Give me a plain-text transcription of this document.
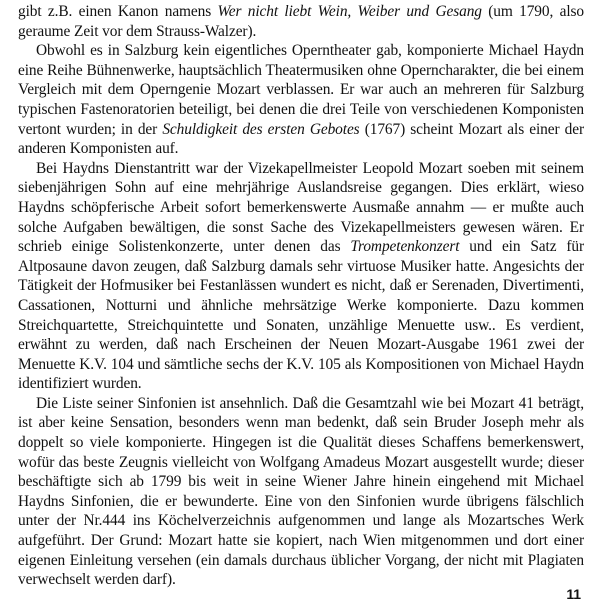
gibt z.B. einen Kanon namens Wer nicht liebt Wein, Weiber und Gesang (um 1790, also geraume Zeit vor dem Strauss-Walzer).

Obwohl es in Salzburg kein eigentliches Operntheater gab, komponierte Michael Haydn eine Reihe Bühnenwerke, hauptsächlich Theatermusiken ohne Operncharakter, die bei einem Vergleich mit dem Operngenie Mozart verblassen. Er war auch an mehreren für Salzburg typischen Fastenoratorien beteiligt, bei denen die drei Teile von verschiedenen Komponisten vertont wurden; in der Schuldigkeit des ersten Gebotes (1767) scheint Mozart als einer der anderen Komponisten auf.

Bei Haydns Dienstantritt war der Vizekapellmeister Leopold Mozart soeben mit seinem siebenjährigen Sohn auf eine mehrjährige Auslandsreise gegangen. Dies erklärt, wieso Haydns schöpferische Arbeit sofort bemerkenswerte Ausmaße annahm — er mußte auch solche Aufgaben bewältigen, die sonst Sache des Vizekapellmeisters gewesen wären. Er schrieb einige Solistenkonzerte, unter denen das Trompetenkonzert und ein Satz für Altposaune davon zeugen, daß Salzburg damals sehr virtuose Musiker hatte. Angesichts der Tätigkeit der Hofmusiker bei Festanlässen wundert es nicht, daß er Serenaden, Divertimenti, Cassationen, Notturni und ähnliche mehrsätzige Werke komponierte. Dazu kommen Streichquartette, Streichquintette und Sonaten, unzählige Menuette usw.. Es verdient, erwähnt zu werden, daß nach Erscheinen der Neuen Mozart-Ausgabe 1961 zwei der Menuette K.V. 104 und sämtliche sechs der K.V. 105 als Kompositionen von Michael Haydn identifiziert wurden.

Die Liste seiner Sinfonien ist ansehnlich. Daß die Gesamtzahl wie bei Mozart 41 beträgt, ist aber keine Sensation, besonders wenn man bedenkt, daß sein Bruder Joseph mehr als doppelt so viele komponierte. Hingegen ist die Qualität dieses Schaffens bemerkenswert, wofür das beste Zeugnis vielleicht von Wolfgang Amadeus Mozart ausgestellt wurde; dieser beschäftigte sich ab 1799 bis weit in seine Wiener Jahre hinein eingehend mit Michael Haydns Sinfonien, die er bewunderte. Eine von den Sinfonien wurde übrigens fälschlich unter der Nr.444 ins Köchelverzeichnis aufgenommen und lange als Mozartsches Werk aufgeführt. Der Grund: Mozart hatte sie kopiert, nach Wien mitgenommen und dort einer eigenen Einleitung versehen (ein damals durchaus üblicher Vorgang, der nicht mit Plagiaten verwechselt werden darf).

11
